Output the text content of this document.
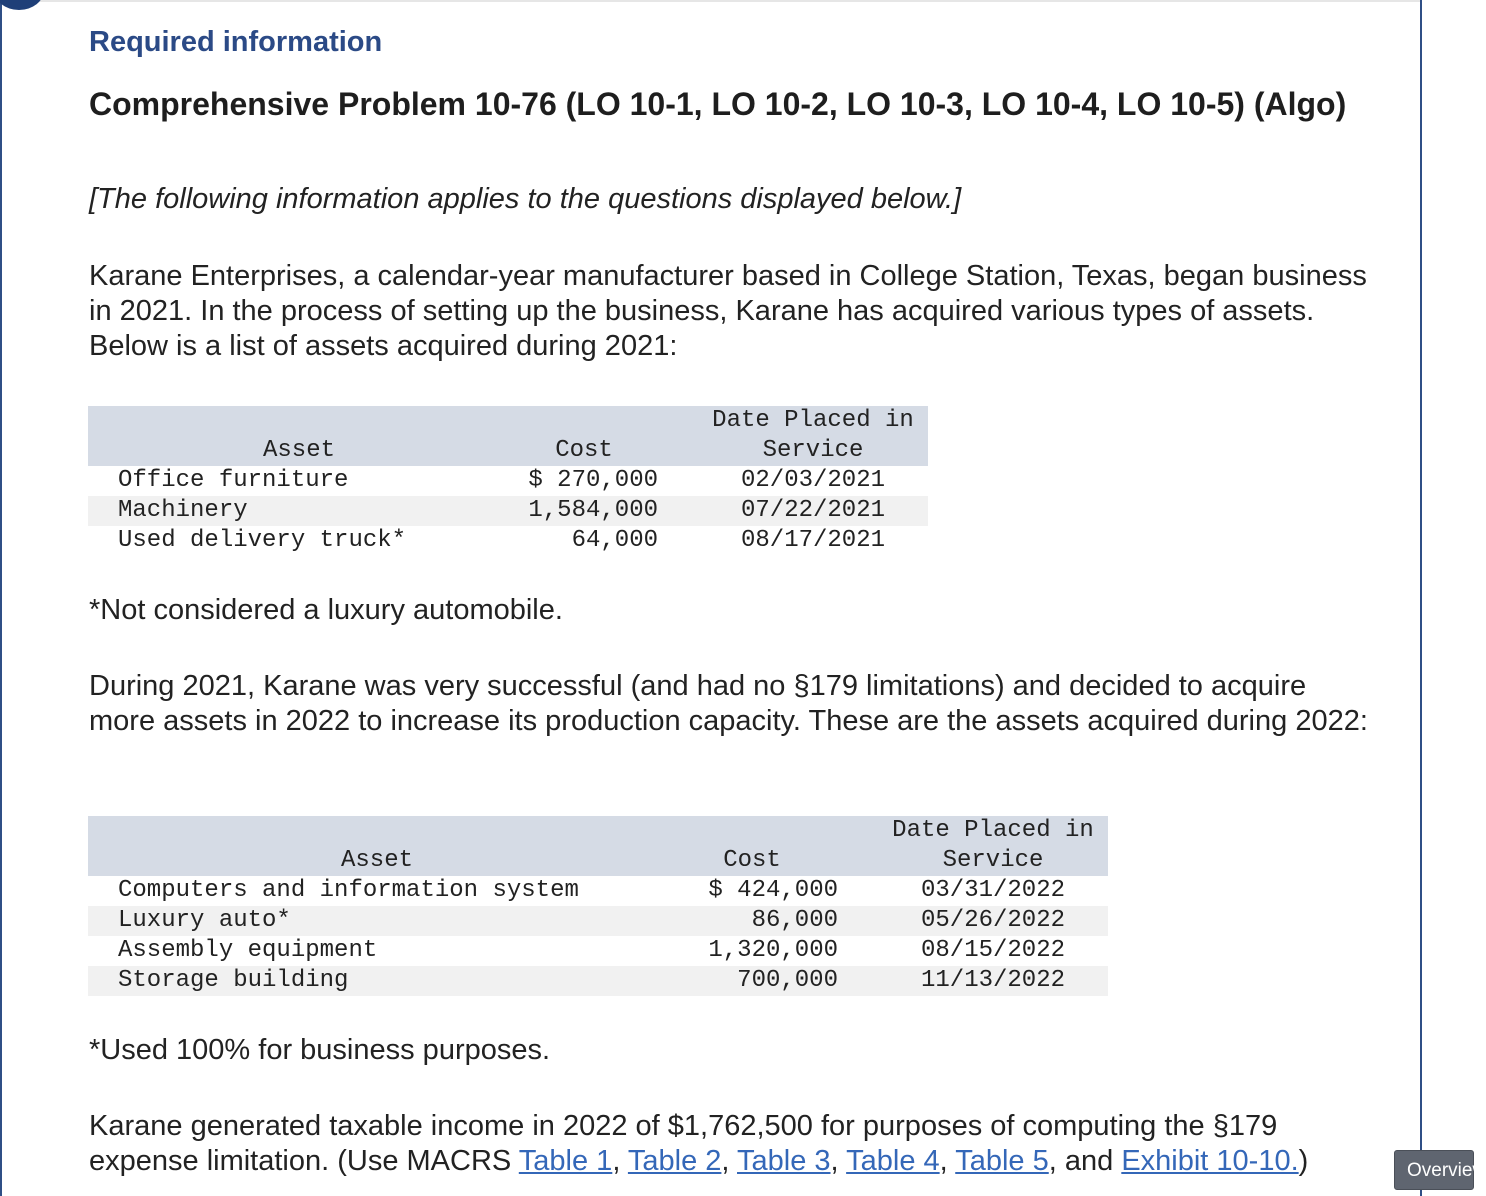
Required information
Comprehensive Problem 10-76 (LO 10-1, LO 10-2, LO 10-3, LO 10-4, LO 10-5) (Algo)
[The following information applies to the questions displayed below.]
Karane Enterprises, a calendar-year manufacturer based in College Station, Texas, began business in 2021. In the process of setting up the business, Karane has acquired various types of assets. Below is a list of assets acquired during 2021:
Asset	Cost		Date Placed in
Service

Office furniture	$ 270,000		02/03/2021
Machinery	1,584,000		07/22/2021
Used delivery truck*	64,000		08/17/2021
*Not considered a luxury automobile.
During 2021, Karane was very successful (and had no §179 limitations) and decided to acquire more assets in 2022 to increase its production capacity. These are the assets acquired during 2022:
Asset	Cost		Date Placed in
Service

Computers and information system	$ 424,000		03/31/2022
Luxury auto*	86,000		05/26/2022
Assembly equipment	1,320,000		08/15/2022
Storage building	700,000		11/13/2022
*Used 100% for business purposes.
Karane generated taxable income in 2022 of $1,762,500 for purposes of computing the §179 expense limitation. (Use MACRS Table 1, Table 2, Table 3, Table 4, Table 5, and Exhibit 10-10.)	Overview
